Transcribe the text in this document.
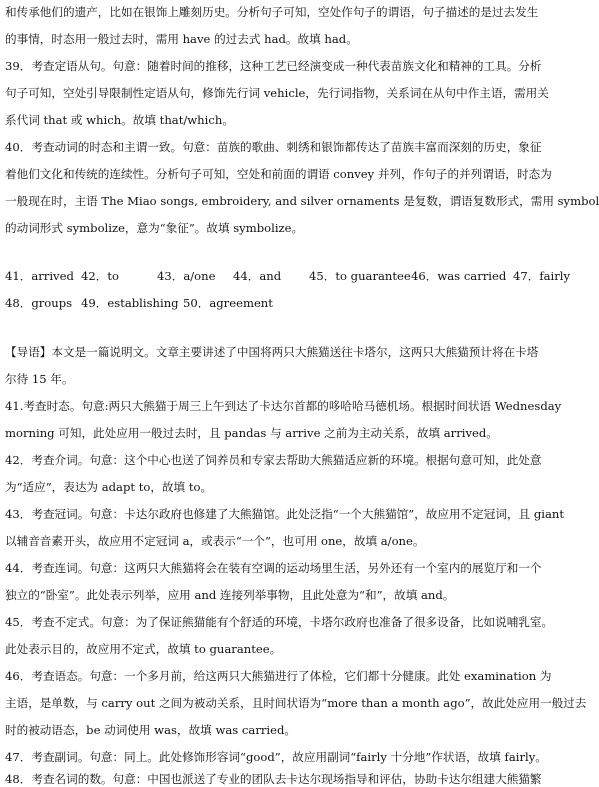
和传承他们的遗产，比如在银饰上雕刻历史。分析句子可知，空处作句子的谓语，句子描述的是过去发生
的事情，时态用一般过去时，需用 have 的过去式 had。故填 had。
39．考查定语从句。句意：随着时间的推移，这种工艺已经演变成一种代表苗族文化和精神的工具。分析
句子可知，空处引导限制性定语从句，修饰先行词 vehicle，先行词指物，关系词在从句中作主语，需用关
系代词 that 或 which。故填 that/which。
40．考查动词的时态和主谓一致。句意：苗族的歌曲、刺绣和银饰都传达了苗族丰富而深刻的历史，象征
着他们文化和传统的连续性。分析句子可知，空处和前面的谓语 convey 并列，作句子的并列谓语，时态为
一般现在时，主语 The Miao songs, embroidery, and silver ornaments 是复数，谓语复数形式，需用 symbol
的动词形式 symbolize，意为“象征”。故填 symbolize。
41．arrived 42．to	43．a/one 44．and 45．to guarantee46．was carried 47．fairly
48．groups 49．establishing 50．agreement
【导语】本文是一篇说明文。文章主要讲述了中国将两只大熊猫送往卡塔尔，这两只大熊猫预计将在卡塔
尔待 15 年。
41.考查时态。句意:两只大熊猫于周三上午到达了卡达尔首都的哆哈哈马德机场。根据时间状语 Wednesday
morning 可知，此处应用一般过去时，且 pandas 与 arrive 之前为主动关系，故填 arrived。
42．考查介词。句意：这个中心也送了饲养员和专家去帮助大熊猫适应新的环境。根据句意可知，此处意
为“适应”，表达为 adapt to，故填 to。
43．考查冠词。句意：卡达尔政府也修建了大熊猫馆。此处泛指“一个大熊猫馆”，故应用不定冠词，且 giant
以辅音音素开头，故应用不定冠词 a，或表示“一个”，也可用 one，故填 a/one。
44．考查连词。句意：这两只大熊猫将会在装有空调的运动场里生活，另外还有一个室内的展览厅和一个
独立的“卧室”。此处表示列举，应用 and 连接列举事物，且此处意为“和”，故填 and。
45．考查不定式。句意：为了保证熊猫能有个舒适的环境，卡塔尔政府也准备了很多设备，比如说哺乳室。
此处表示目的，故应用不定式，故填 to guarantee。
46．考查语态。句意：一个多月前，给这两只大熊猫进行了体检，它们都十分健康。此处 examination 为
主语，是单数，与 carry out 之间为被动关系，且时间状语为“more than a month ago”，故此处应用一般过去
时的被动语态，be 动词使用 was，故填 was carried。
47．考查副词。句意：同上。此处修饰形容词“good”，故应用副词“fairly 十分地”作状语，故填 fairly。
48．考查名词的数。句意：中国也派送了专业的团队去卡达尔现场指导和评估，协助卡达尔组建大熊猫繁
